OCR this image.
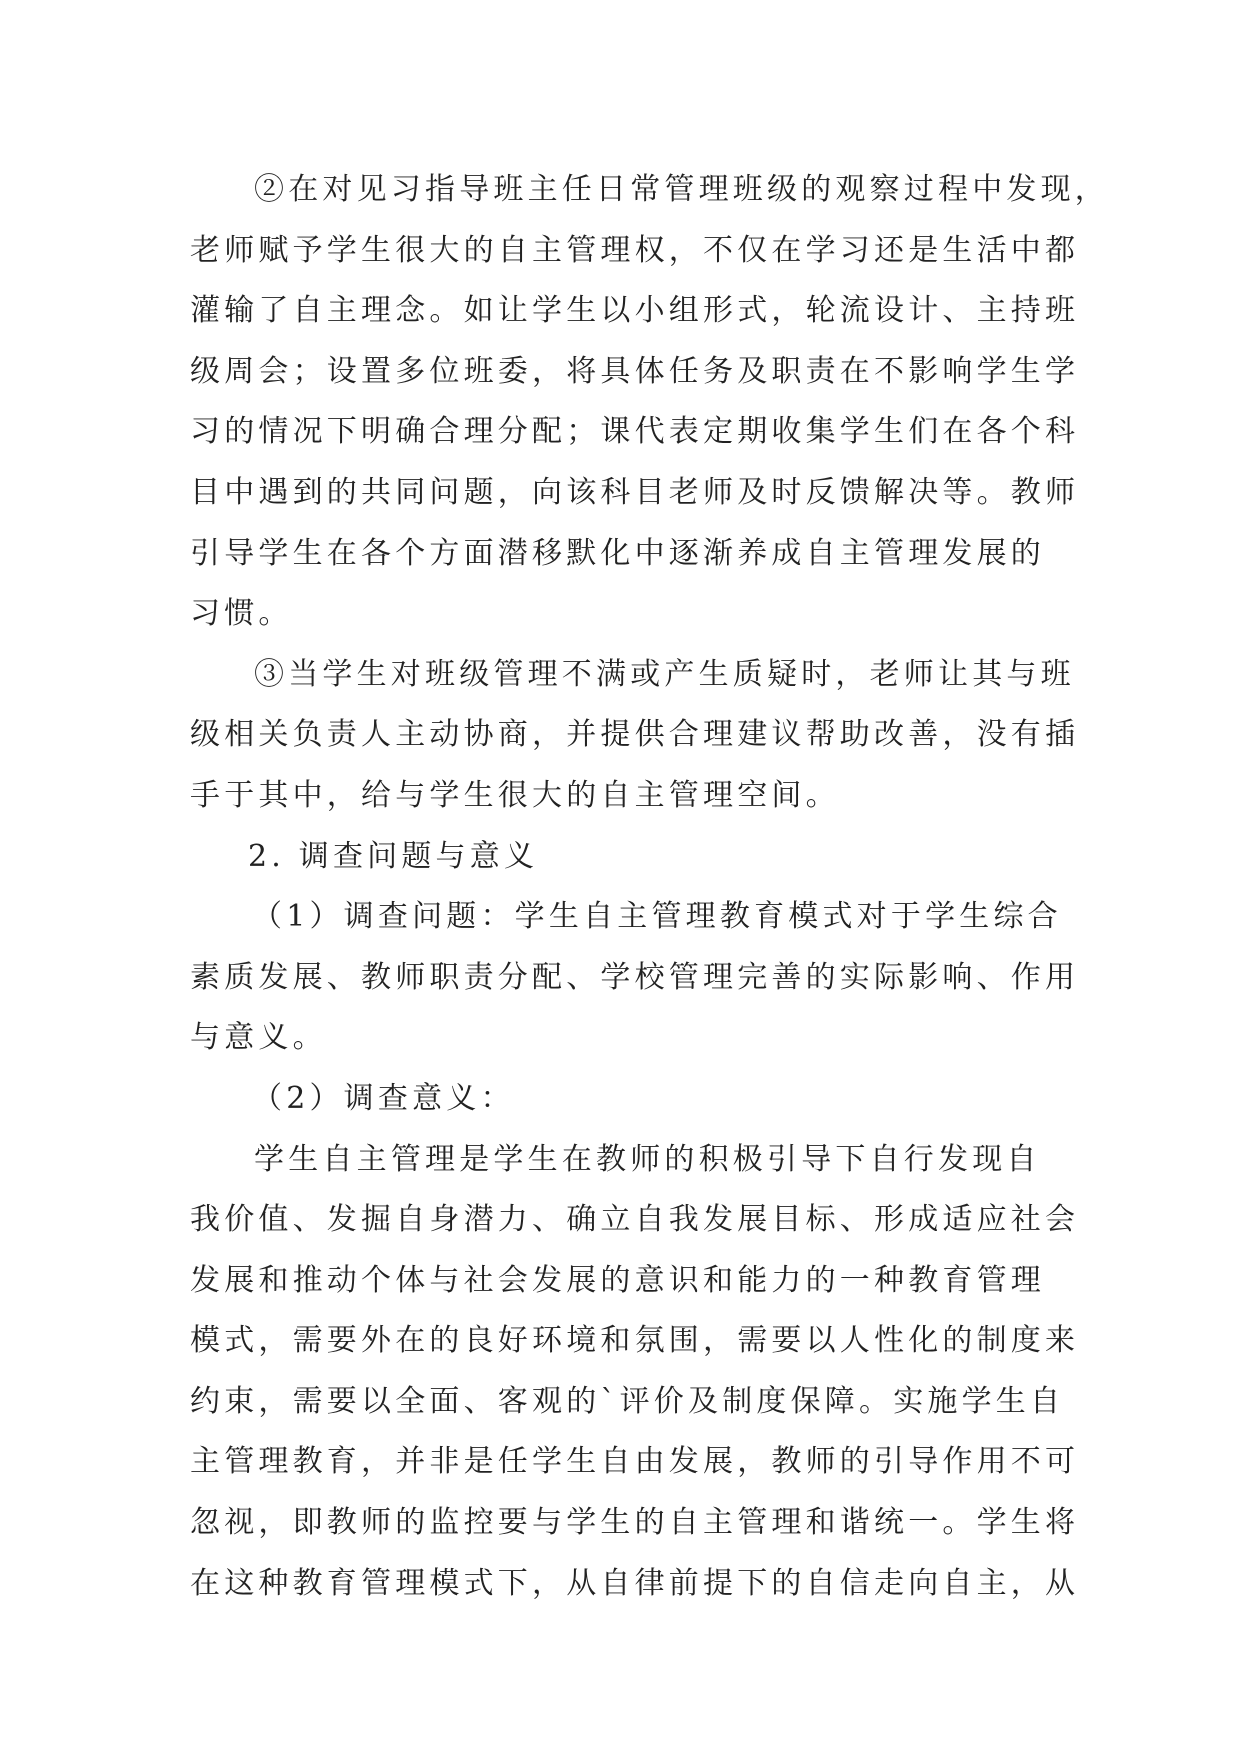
②在对见习指导班主任日常管理班级的观察过程中发现，
老师赋予学生很大的自主管理权，不仅在学习还是生活中都
灌输了自主理念。如让学生以小组形式，轮流设计、主持班
级周会；设置多位班委，将具体任务及职责在不影响学生学
习的情况下明确合理分配；课代表定期收集学生们在各个科
目中遇到的共同问题，向该科目老师及时反馈解决等。教师
引导学生在各个方面潜移默化中逐渐养成自主管理发展的
习惯。
③当学生对班级管理不满或产生质疑时，老师让其与班
级相关负责人主动协商，并提供合理建议帮助改善，没有插
手于其中，给与学生很大的自主管理空间。
2. 调查问题与意义
（1）调查问题：学生自主管理教育模式对于学生综合
素质发展、教师职责分配、学校管理完善的实际影响、作用
与意义。
（2）调查意义：
学生自主管理是学生在教师的积极引导下自行发现自
我价值、发掘自身潜力、确立自我发展目标、形成适应社会
发展和推动个体与社会发展的意识和能力的一种教育管理
模式，需要外在的良好环境和氛围，需要以人性化的制度来
约束，需要以全面、客观的`评价及制度保障。实施学生自
主管理教育，并非是任学生自由发展，教师的引导作用不可
忽视，即教师的监控要与学生的自主管理和谐统一。学生将
在这种教育管理模式下，从自律前提下的自信走向自主，从
